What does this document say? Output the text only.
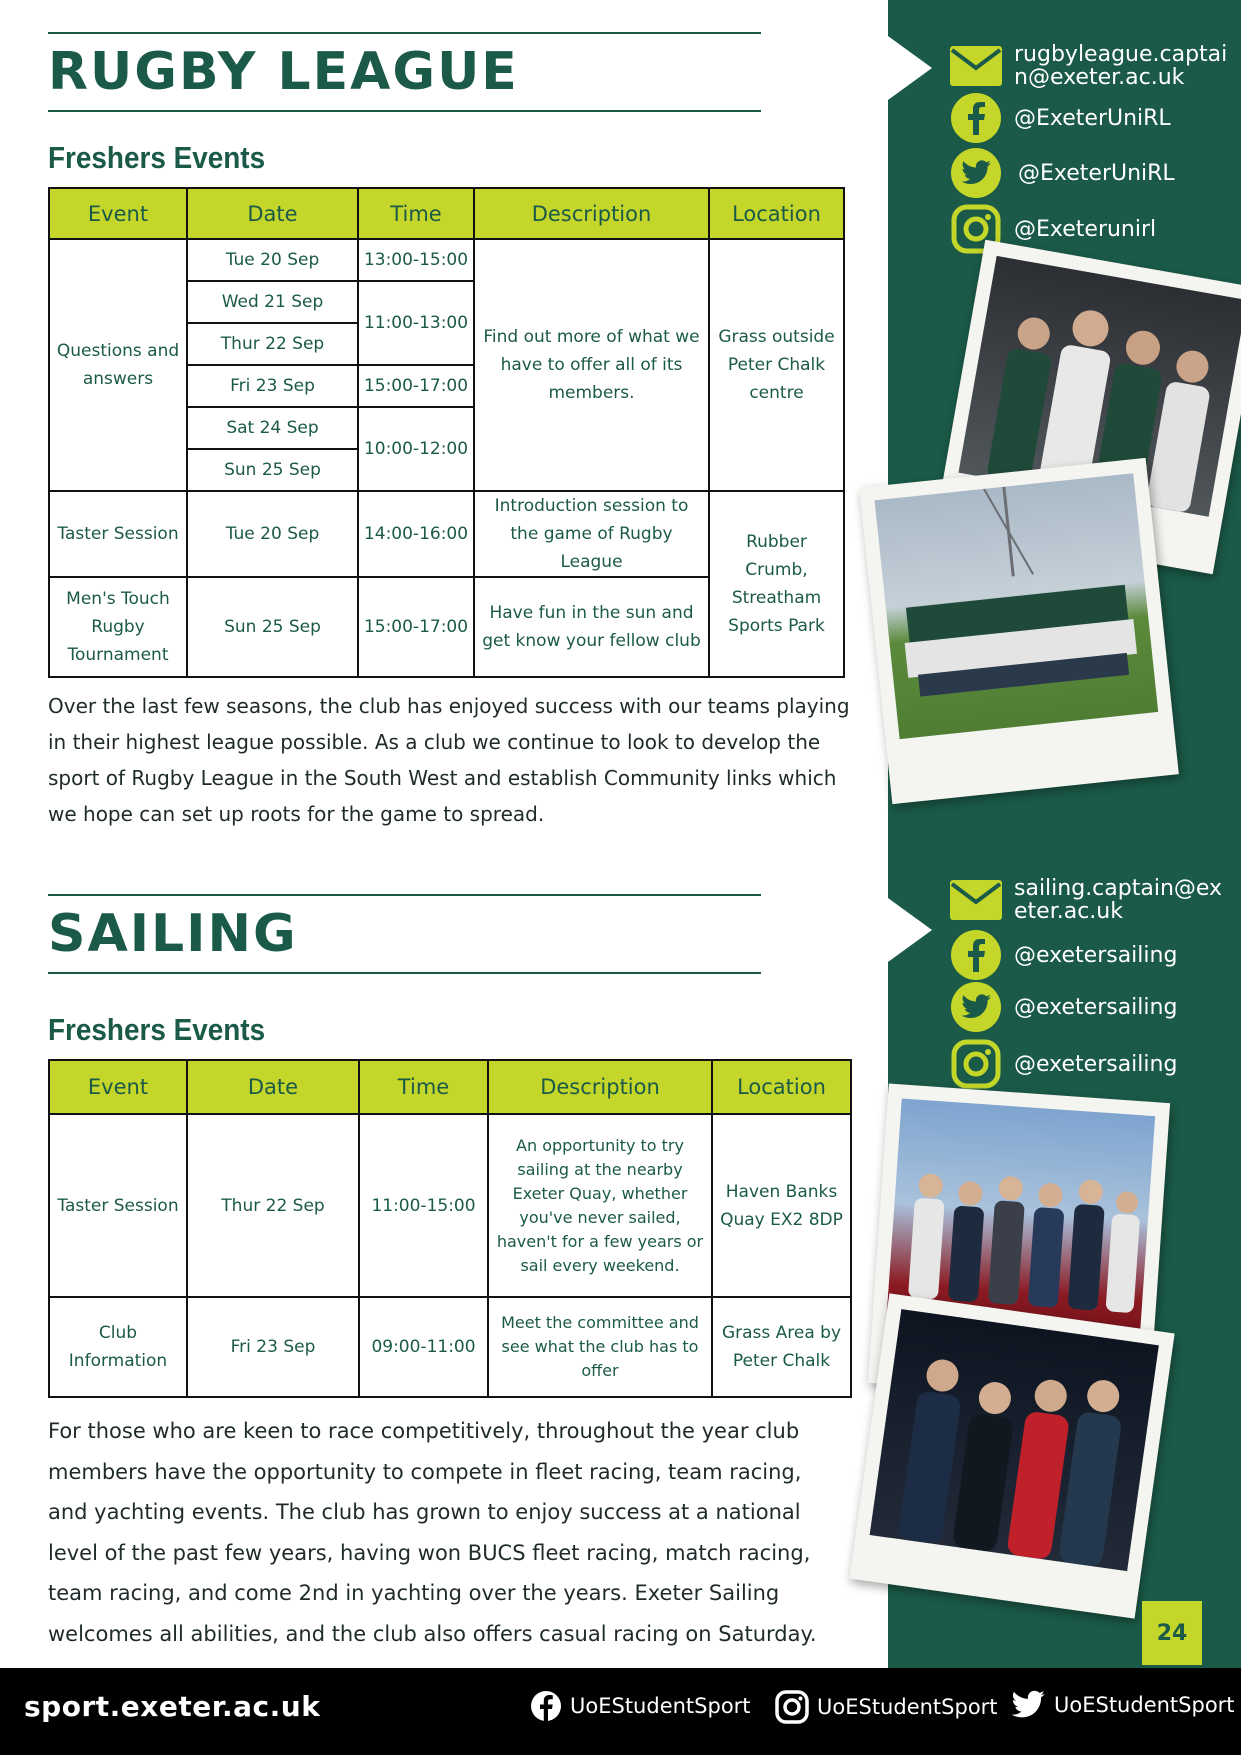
RUGBY LEAGUE
Freshers Events
Event	Date	Time	Description	Location
Questions and answers	Tue 20 Sep	13:00-15:00	Find out more of what we have to offer all of its members.	Grass outside Peter Chalk centre
	Wed 21 Sep	11:00-13:00		
	Thur 22 Sep			
	Fri 23 Sep	15:00-17:00		
	Sat 24 Sep	10:00-12:00		
	Sun 25 Sep			
Taster Session	Tue 20 Sep	14:00-16:00	Introduction session to the game of Rugby League	Rubber Crumb, Streatham Sports Park
Men's Touch Rugby Tournament	Sun 25 Sep	15:00-17:00	Have fun in the sun and get know your fellow club	
Over the last few seasons, the club has enjoyed success with our teams playing
in their highest league possible. As a club we continue to look to develop the
sport of Rugby League in the South West and establish Community links which
we hope can set up roots for the game to spread.
rugbyleague.captai
n@exeter.ac.uk
@ExeterUniRL
@ExeterUniRL
@Exeterunirl
SAILING
Freshers Events
Event	Date	Time	Description	Location
Taster Session	Thur 22 Sep	11:00-15:00	An opportunity to try sailing at the nearby Exeter Quay, whether you've never sailed, haven't for a few years or sail every weekend.	Haven Banks Quay EX2 8DP
Club Information	Fri 23 Sep	09:00-11:00	Meet the committee and see what the club has to offer	Grass Area by Peter Chalk
For those who are keen to race competitively, throughout the year club
members have the opportunity to compete in fleet racing, team racing,
and yachting events. The club has grown to enjoy success at a national
level of the past few years, having won BUCS fleet racing, match racing,
team racing, and come 2nd in yachting over the years. Exeter Sailing
welcomes all abilities, and the club also offers casual racing on Saturday.
sailing.captain@ex
eter.ac.uk
@exetersailing
@exetersailing
@exetersailing
24
sport.exeter.ac.uk	UoEStudentSport	UoEStudentSport	UoEStudentSport
